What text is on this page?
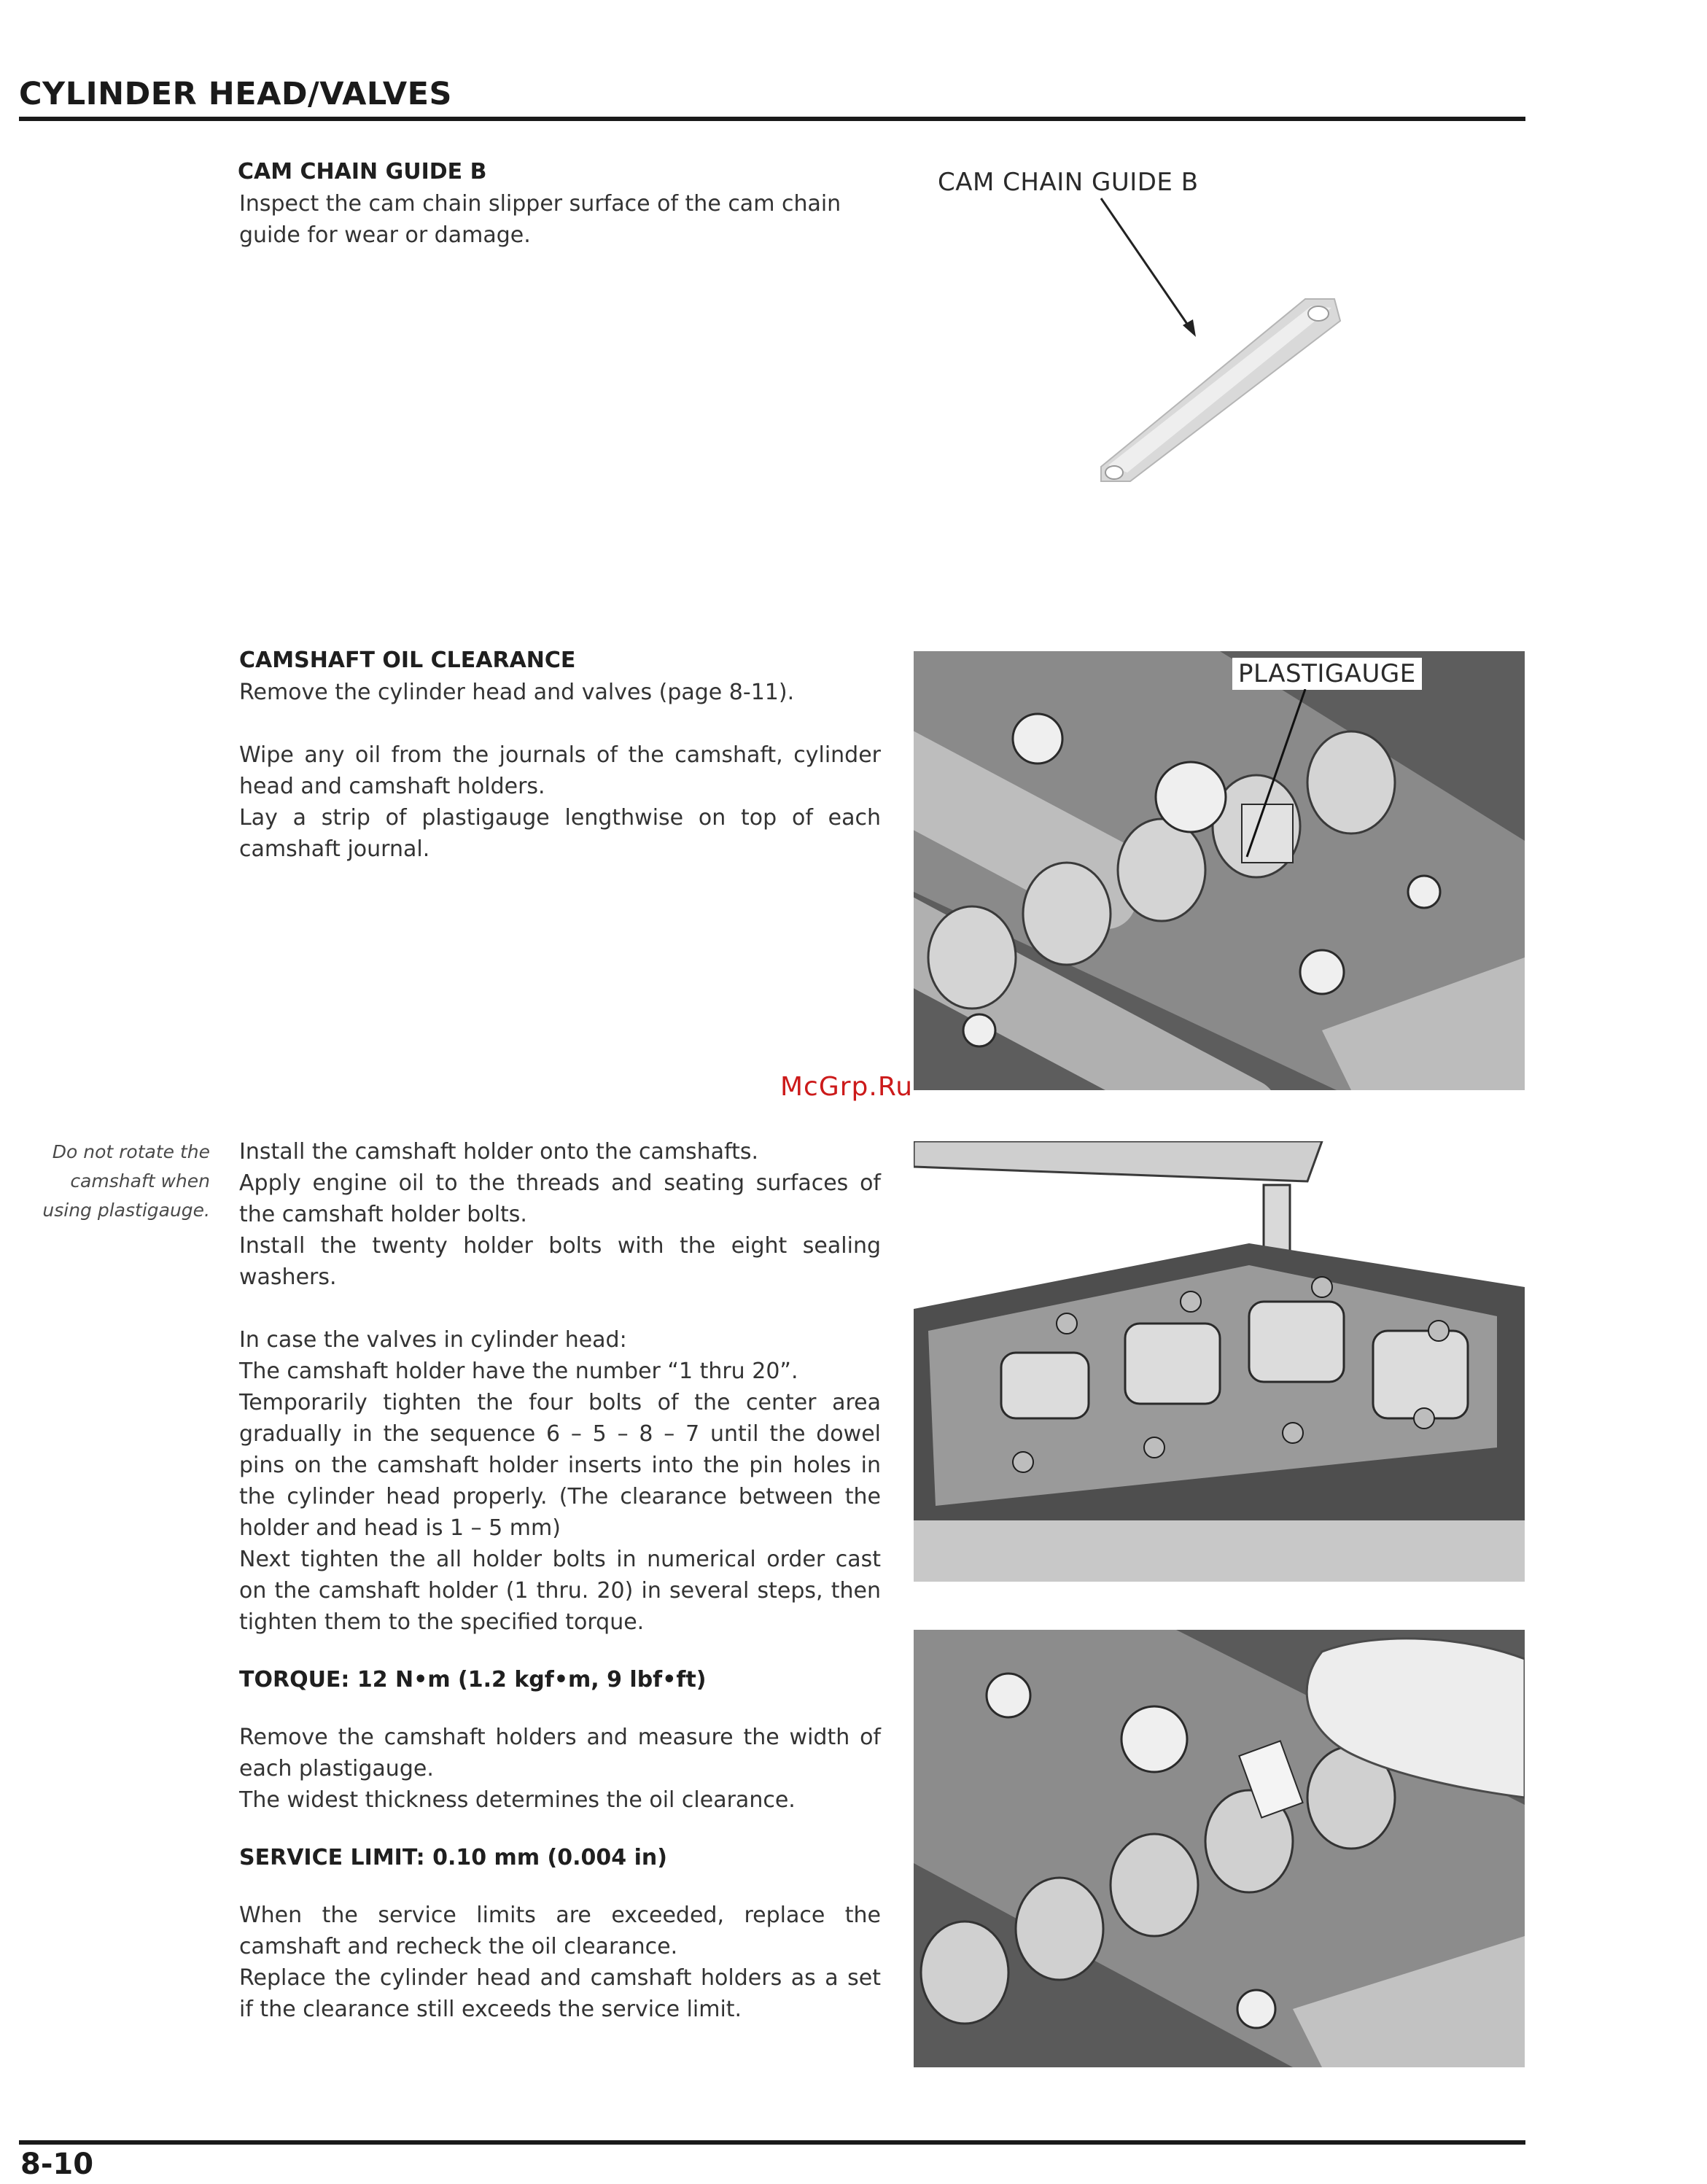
CYLINDER HEAD/VALVES
CAM CHAIN GUIDE B

Inspect the cam chain slipper surface of the cam chain guide for wear or damage.

CAM CHAIN GUIDE B
CAMSHAFT OIL CLEARANCE

Remove the cylinder head and valves (page 8-11).

Wipe any oil from the journals of the camshaft, cylinder head and camshaft holders.

Lay a strip of plastigauge lengthwise on top of each camshaft journal.

PLASTIGAUGE
McGrp.Ru
Do not rotate the camshaft when using plastigauge.

Install the camshaft holder onto the camshafts.

Apply engine oil to the threads and seating surfaces of the camshaft holder bolts.

Install the twenty holder bolts with the eight sealing washers.

In case the valves in cylinder head:

The camshaft holder have the number “1 thru 20”.

Temporarily tighten the four bolts of the center area gradually in the sequence 6 – 5 – 8 – 7 until the dowel pins on the camshaft holder inserts into the pin holes in the cylinder head properly. (The clearance between the holder and head is 1 – 5 mm)

Next tighten the all holder bolts in numerical order cast on the camshaft holder (1 thru. 20) in several steps, then tighten them to the specified torque.

TORQUE: 12 N•m (1.2 kgf•m, 9 lbf•ft)

Remove the camshaft holders and measure the width of each plastigauge.

The widest thickness determines the oil clearance.

SERVICE LIMIT: 0.10 mm (0.004 in)

When the service limits are exceeded, replace the camshaft and recheck the oil clearance.

Replace the cylinder head and camshaft holders as a set if the clearance still exceeds the service limit.

8-10
